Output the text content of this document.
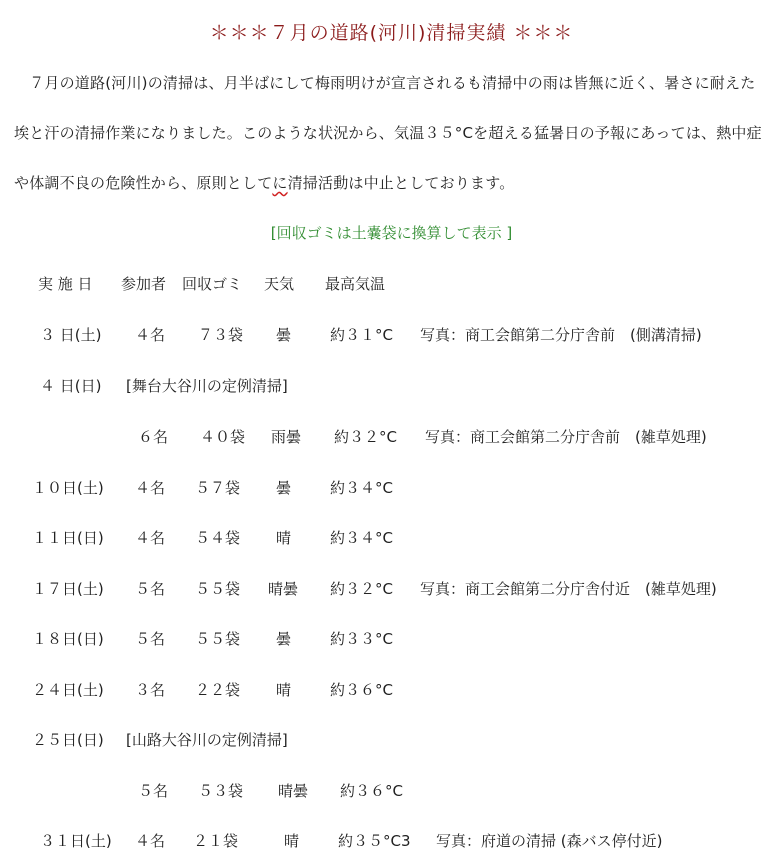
＊＊＊７月の道路(河川)清掃実績 ＊＊＊
　７月の道路(河川)の清掃は、月半ばにして梅雨明けが宣言されるも清掃中の雨は皆無に近く、暑さに耐えた
埃と汗の清掃作業になりました。このような状況から、気温３５°Cを超える猛暑日の予報にあっては、熱中症
や体調不良の危険性から、原則としてに清掃活動は中止としております。
[回収ゴミは土嚢袋に換算して表示 ]
実 施 日 参加者 回収ゴミ 天気 最高気温
３ 日(土) ４名 ７３袋 曇	約３１°C 写真：商工会館第二分庁舎前　(側溝清掃)
４ 日(日) [舞台大谷川の定例清掃]
６名 ４０袋 雨曇 約３２°C 写真：商工会館第二分庁舎前　(雑草処理)
１０日(土) ４名 ５７袋 曇	約３４°C
１１日(日) ４名 ５４袋 晴	約３４°C
１７日(土) ５名 ５５袋 晴曇 約３２°C 写真：商工会館第二分庁舎付近　(雑草処理)
１８日(日) ５名 ５５袋 曇	約３３°C
２４日(土) ３名 ２２袋 晴	約３６°C
２５日(日) [山路大谷川の定例清掃]
５名 ５３袋 晴曇 約３６°C
３１日(土) ４名 ２１袋	晴	約３５°C3 写真：府道の清掃 (森バス停付近)
